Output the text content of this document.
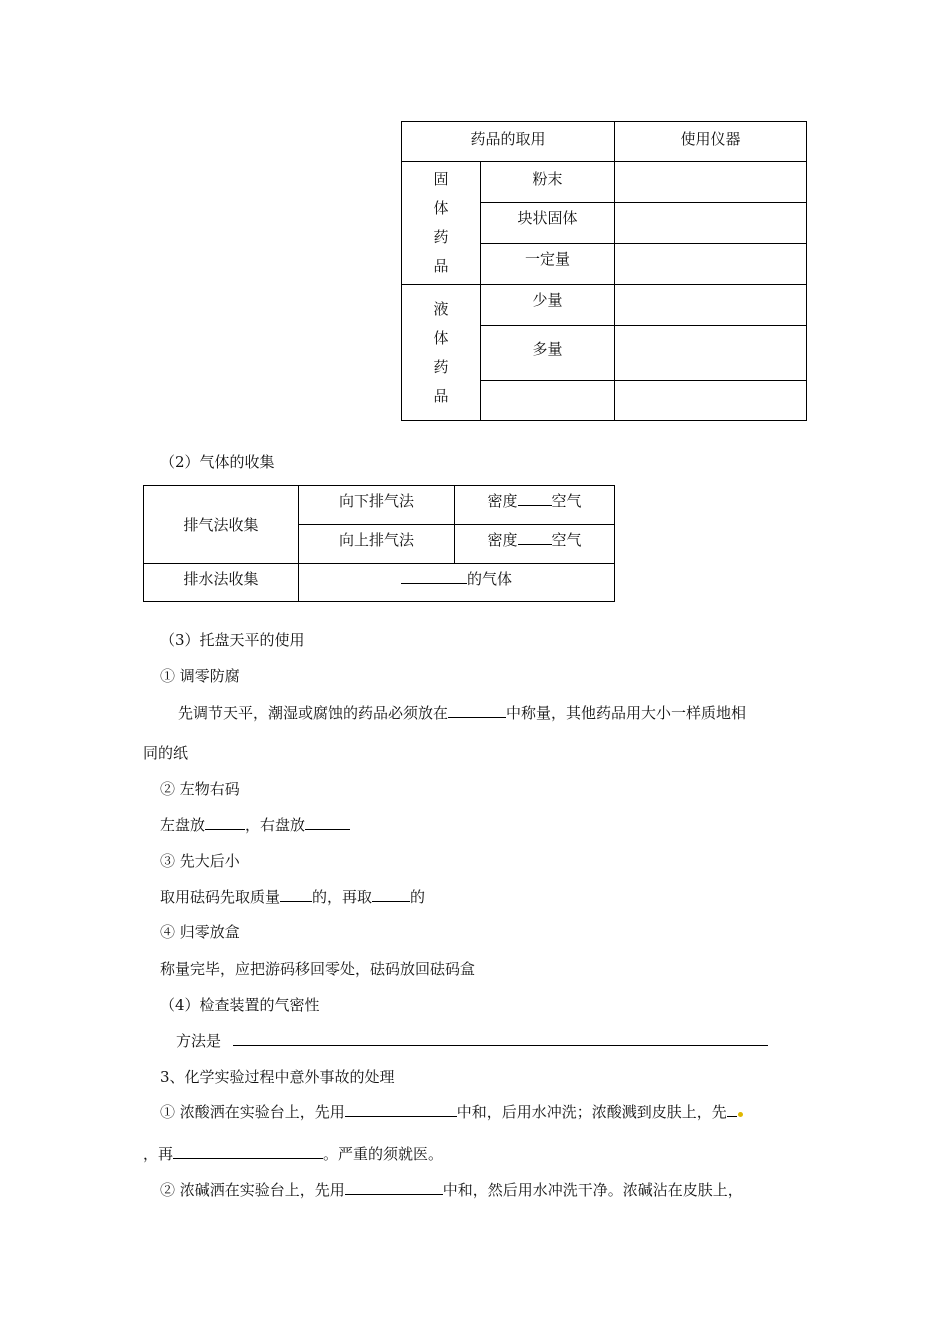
药品的取用		使用仪器

固
体
药
品	粉末	
	块状固体	
	一定量	

液
体
药
品	少量	
	多量	

（2）气体的收集
排气法收集	向下排气法	密度 空气
	向上排气法	密度 空气
排水法收集	的气体	
（3）托盘天平的使用
① 调零防腐
先调节天平，潮湿或腐蚀的药品必须放在	中称量，其他药品用大小一样质地相
同的纸
② 左物右码
左盘放	，右盘放
③ 先大后小
取用砝码先取质量 的，再取	的
④ 归零放盒
称量完毕，应把游码移回零处，砝码放回砝码盒
（4）检查装置的气密性
方法是
3、化学实验过程中意外事故的处理
① 浓酸洒在实验台上，先用	中和，后用水冲洗；浓酸溅到皮肤上，先
，再	。严重的须就医。
② 浓碱洒在实验台上，先用	中和，然后用水冲洗干净。浓碱沾在皮肤上，
